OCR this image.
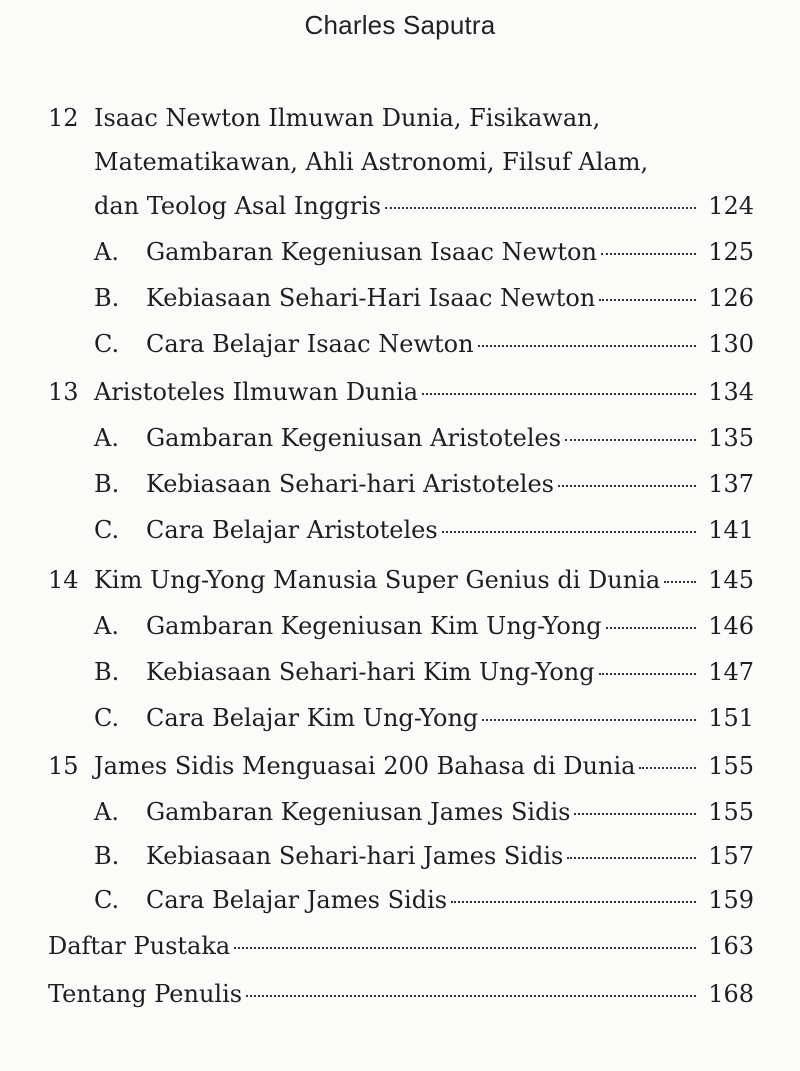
Charles Saputra
12 Isaac Newton Ilmuwan Dunia, Fisikawan,
Matematikawan, Ahli Astronomi, Filsuf Alam,
dan Teolog Asal Inggris	124
A. Gambaran Kegeniusan Isaac Newton	125
B. Kebiasaan Sehari-Hari Isaac Newton	126
C. Cara Belajar Isaac Newton	130
13 Aristoteles Ilmuwan Dunia	134
A. Gambaran Kegeniusan Aristoteles	135
B. Kebiasaan Sehari-hari Aristoteles	137
C. Cara Belajar Aristoteles	141
14 Kim Ung-Yong Manusia Super Genius di Dunia 145
A. Gambaran Kegeniusan Kim Ung-Yong	146
B. Kebiasaan Sehari-hari Kim Ung-Yong	147
C. Cara Belajar Kim Ung-Yong	151
15 James Sidis Menguasai 200 Bahasa di Dunia	155
A. Gambaran Kegeniusan James Sidis	155
B. Kebiasaan Sehari-hari James Sidis	157
C. Cara Belajar James Sidis	159
Daftar Pustaka	163
Tentang Penulis	168
